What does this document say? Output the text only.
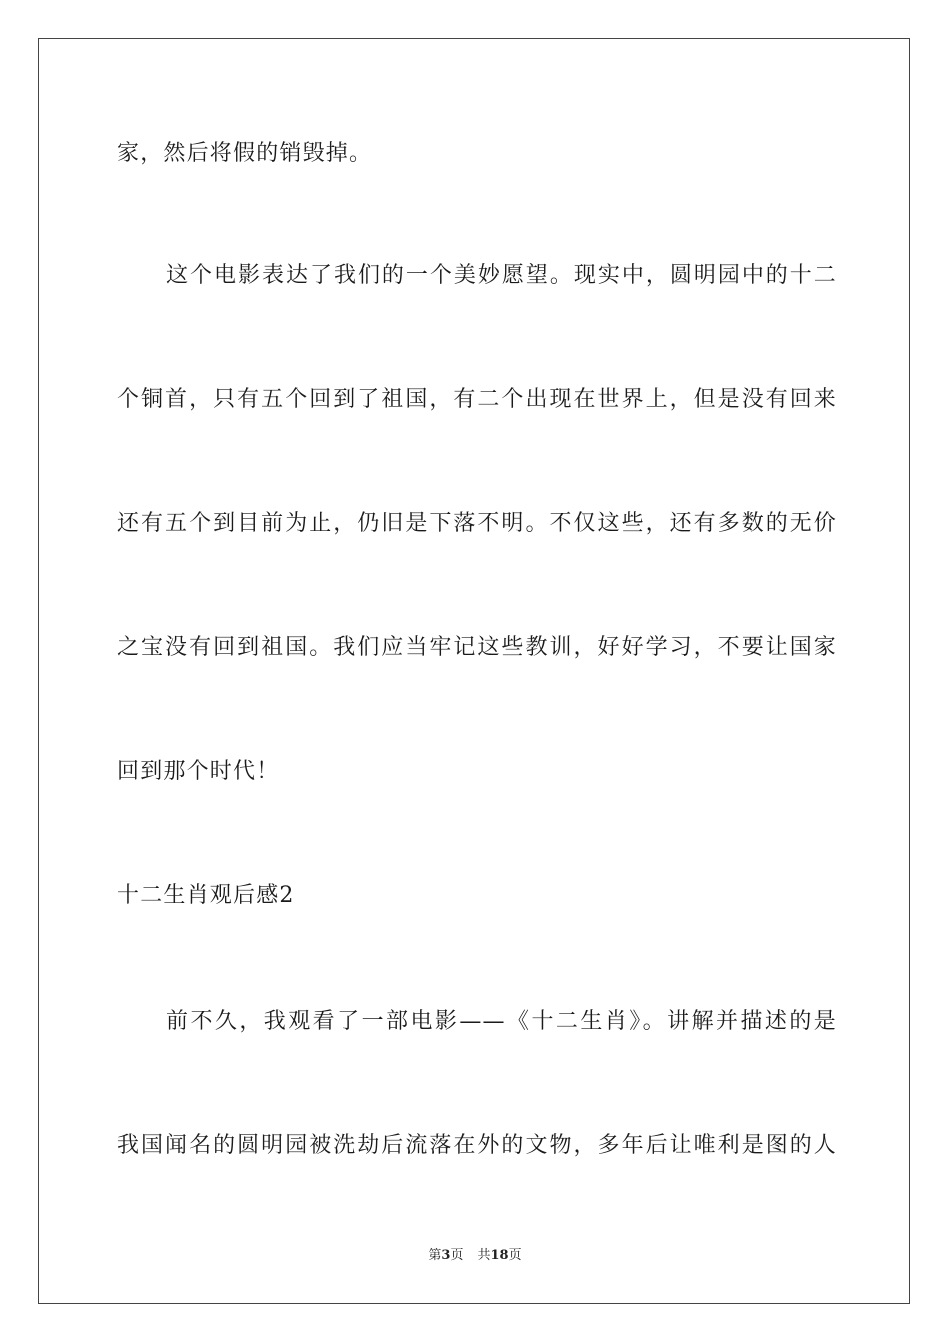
家，然后将假的销毁掉。
这个电影表达了我们的一个美妙愿望。现实中，圆明园中的十二
个铜首，只有五个回到了祖国，有二个出现在世界上，但是没有回来
还有五个到目前为止，仍旧是下落不明。不仅这些，还有多数的无价
之宝没有回到祖国。我们应当牢记这些教训，好好学习，不要让国家
回到那个时代！
十二生肖观后感2
前不久，我观看了一部电影——《十二生肖》。讲解并描述的是
我国闻名的圆明园被洗劫后流落在外的文物，多年后让唯利是图的人
第3页 共18页
